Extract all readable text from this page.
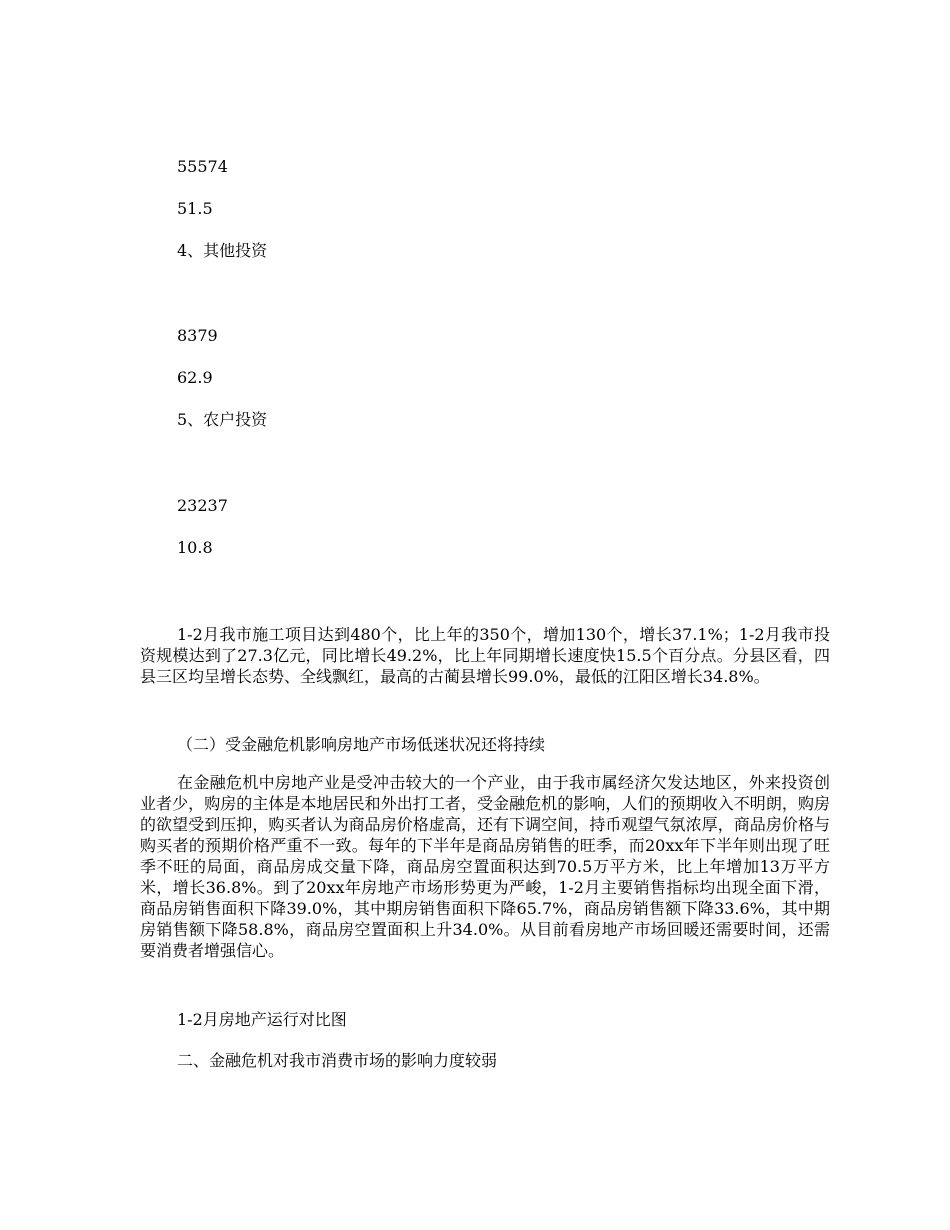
55574

51.5

4、其他投资

8379

62.9

5、农户投资

23237

10.8

1-2月我市施工项目达到480个，比上年的350个，增加130个，增长37.1%；1-2月我市投资规模达到了27.3亿元，同比增长49.2%，比上年同期增长速度快15.5个百分点。分县区看，四县三区均呈增长态势、全线飘红，最高的古蔺县增长99.0%，最低的江阳区增长34.8%。

（二）受金融危机影响房地产市场低迷状况还将持续

在金融危机中房地产业是受冲击较大的一个产业，由于我市属经济欠发达地区，外来投资创业者少，购房的主体是本地居民和外出打工者，受金融危机的影响，人们的预期收入不明朗，购房的欲望受到压抑，购买者认为商品房价格虚高，还有下调空间，持币观望气氛浓厚，商品房价格与购买者的预期价格严重不一致。每年的下半年是商品房销售的旺季，而20xx年下半年则出现了旺季不旺的局面，商品房成交量下降，商品房空置面积达到70.5万平方米，比上年增加13万平方米，增长36.8%。到了20xx年房地产市场形势更为严峻，1-2月主要销售指标均出现全面下滑，商品房销售面积下降39.0%，其中期房销售面积下降65.7%，商品房销售额下降33.6%，其中期房销售额下降58.8%，商品房空置面积上升34.0%。从目前看房地产市场回暖还需要时间，还需要消费者增强信心。

1-2月房地产运行对比图

二、金融危机对我市消费市场的影响力度较弱
